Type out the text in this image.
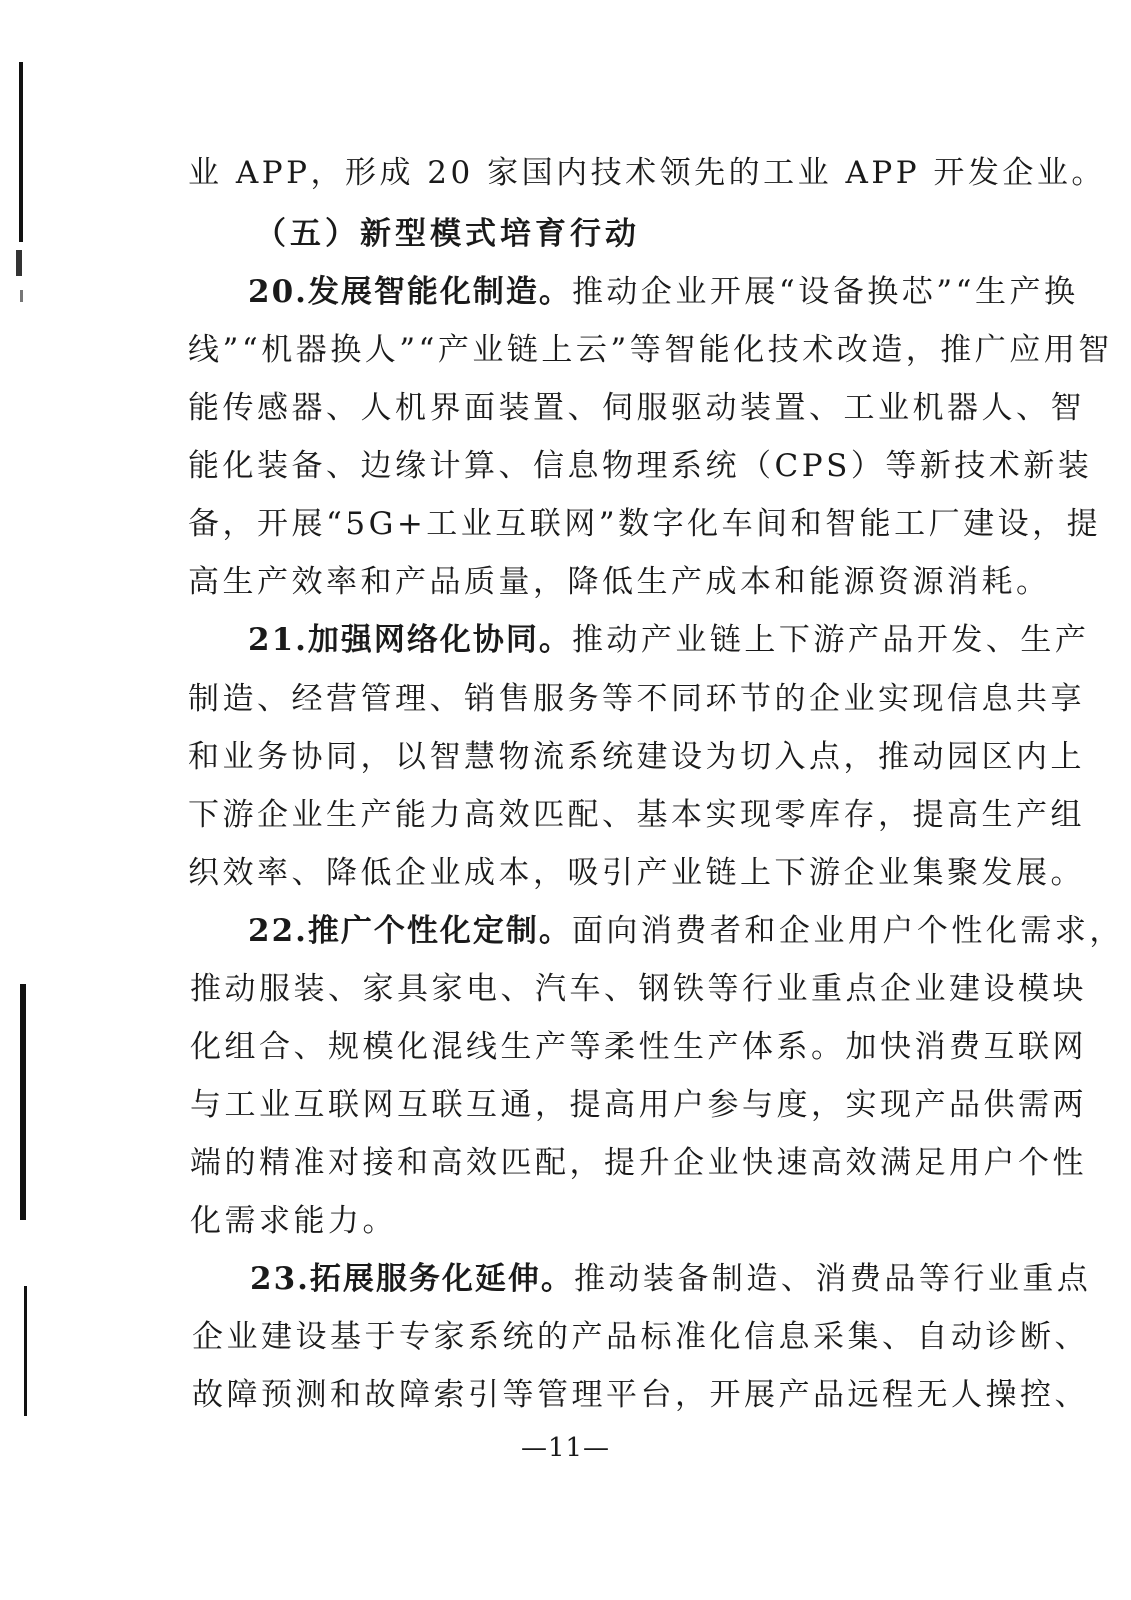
业 APP，形成 20 家国内技术领先的工业 APP 开发企业。
（五）新型模式培育行动
20.发展智能化制造。推动企业开展“设备换芯”“生产换
线”“机器换人”“产业链上云”等智能化技术改造，推广应用智
能传感器、人机界面装置、伺服驱动装置、工业机器人、智
能化装备、边缘计算、信息物理系统（CPS）等新技术新装
备，开展“5G+工业互联网”数字化车间和智能工厂建设，提
高生产效率和产品质量，降低生产成本和能源资源消耗。
21.加强网络化协同。推动产业链上下游产品开发、生产
制造、经营管理、销售服务等不同环节的企业实现信息共享
和业务协同，以智慧物流系统建设为切入点，推动园区内上
下游企业生产能力高效匹配、基本实现零库存，提高生产组
织效率、降低企业成本，吸引产业链上下游企业集聚发展。
22.推广个性化定制。面向消费者和企业用户个性化需求，
推动服装、家具家电、汽车、钢铁等行业重点企业建设模块
化组合、规模化混线生产等柔性生产体系。加快消费互联网
与工业互联网互联互通，提高用户参与度，实现产品供需两
端的精准对接和高效匹配，提升企业快速高效满足用户个性
化需求能力。
23.拓展服务化延伸。推动装备制造、消费品等行业重点
企业建设基于专家系统的产品标准化信息采集、自动诊断、
故障预测和故障索引等管理平台，开展产品远程无人操控、
—11—
